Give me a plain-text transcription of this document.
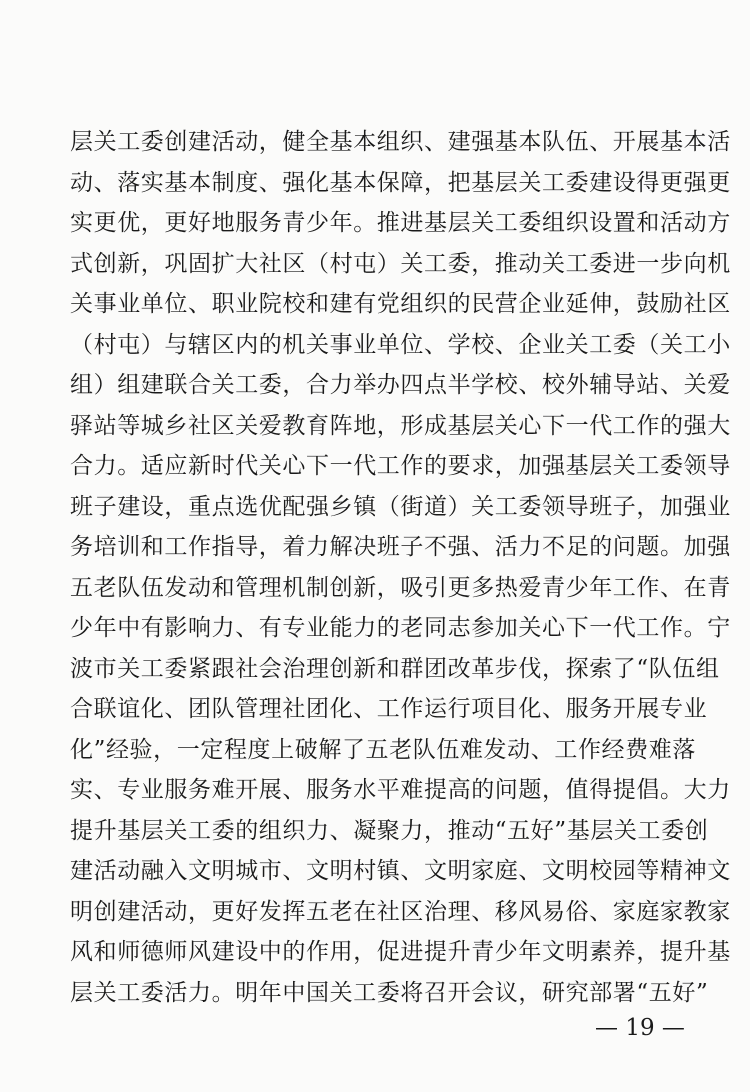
层关工委创建活动，健全基本组织、建强基本队伍、开展基本活
动、落实基本制度、强化基本保障，把基层关工委建设得更强更
实更优，更好地服务青少年。推进基层关工委组织设置和活动方
式创新，巩固扩大社区（村屯）关工委，推动关工委进一步向机
关事业单位、职业院校和建有党组织的民营企业延伸，鼓励社区
（村屯）与辖区内的机关事业单位、学校、企业关工委（关工小
组）组建联合关工委，合力举办四点半学校、校外辅导站、关爱
驿站等城乡社区关爱教育阵地，形成基层关心下一代工作的强大
合力。适应新时代关心下一代工作的要求，加强基层关工委领导
班子建设，重点选优配强乡镇（街道）关工委领导班子，加强业
务培训和工作指导，着力解决班子不强、活力不足的问题。加强
五老队伍发动和管理机制创新，吸引更多热爱青少年工作、在青
少年中有影响力、有专业能力的老同志参加关心下一代工作。宁
波市关工委紧跟社会治理创新和群团改革步伐，探索了“队伍组
合联谊化、团队管理社团化、工作运行项目化、服务开展专业
化”经验，一定程度上破解了五老队伍难发动、工作经费难落
实、专业服务难开展、服务水平难提高的问题，值得提倡。大力
提升基层关工委的组织力、凝聚力，推动“五好”基层关工委创
建活动融入文明城市、文明村镇、文明家庭、文明校园等精神文
明创建活动，更好发挥五老在社区治理、移风易俗、家庭家教家
风和师德师风建设中的作用，促进提升青少年文明素养，提升基
层关工委活力。明年中国关工委将召开会议，研究部署“五好”
— 19 —
